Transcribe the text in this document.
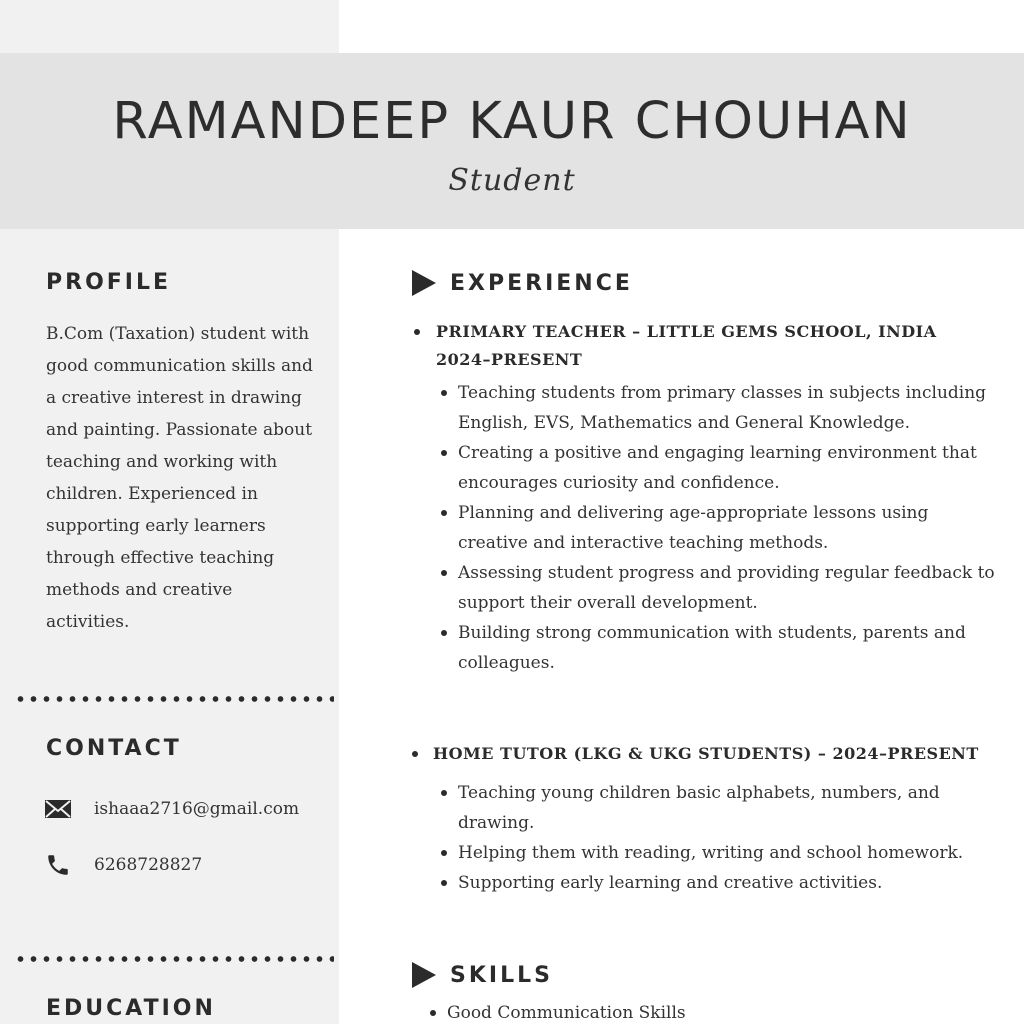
RAMANDEEP KAUR CHOUHAN
Student
PROFILE
B.Com (Taxation) student with good communication skills and a creative interest in drawing and painting. Passionate about teaching and working with children. Experienced in supporting early learners through effective teaching methods and creative activities.
CONTACT
ishaaa2716@gmail.com
6268728827
EDUCATION
EXPERIENCE
PRIMARY TEACHER – LITTLE GEMS SCHOOL, INDIA
2024–PRESENT
Teaching students from primary classes in subjects including English, EVS, Mathematics and General Knowledge.
Creating a positive and engaging learning environment that encourages curiosity and confidence.
Planning and delivering age-appropriate lessons using creative and interactive teaching methods.
Assessing student progress and providing regular feedback to support their overall development.
Building strong communication with students, parents and colleagues.
HOME TUTOR (LKG & UKG STUDENTS) – 2024–PRESENT
Teaching young children basic alphabets, numbers, and drawing.
Helping them with reading, writing and school homework.
Supporting early learning and creative activities.
SKILLS
Good Communication Skills
